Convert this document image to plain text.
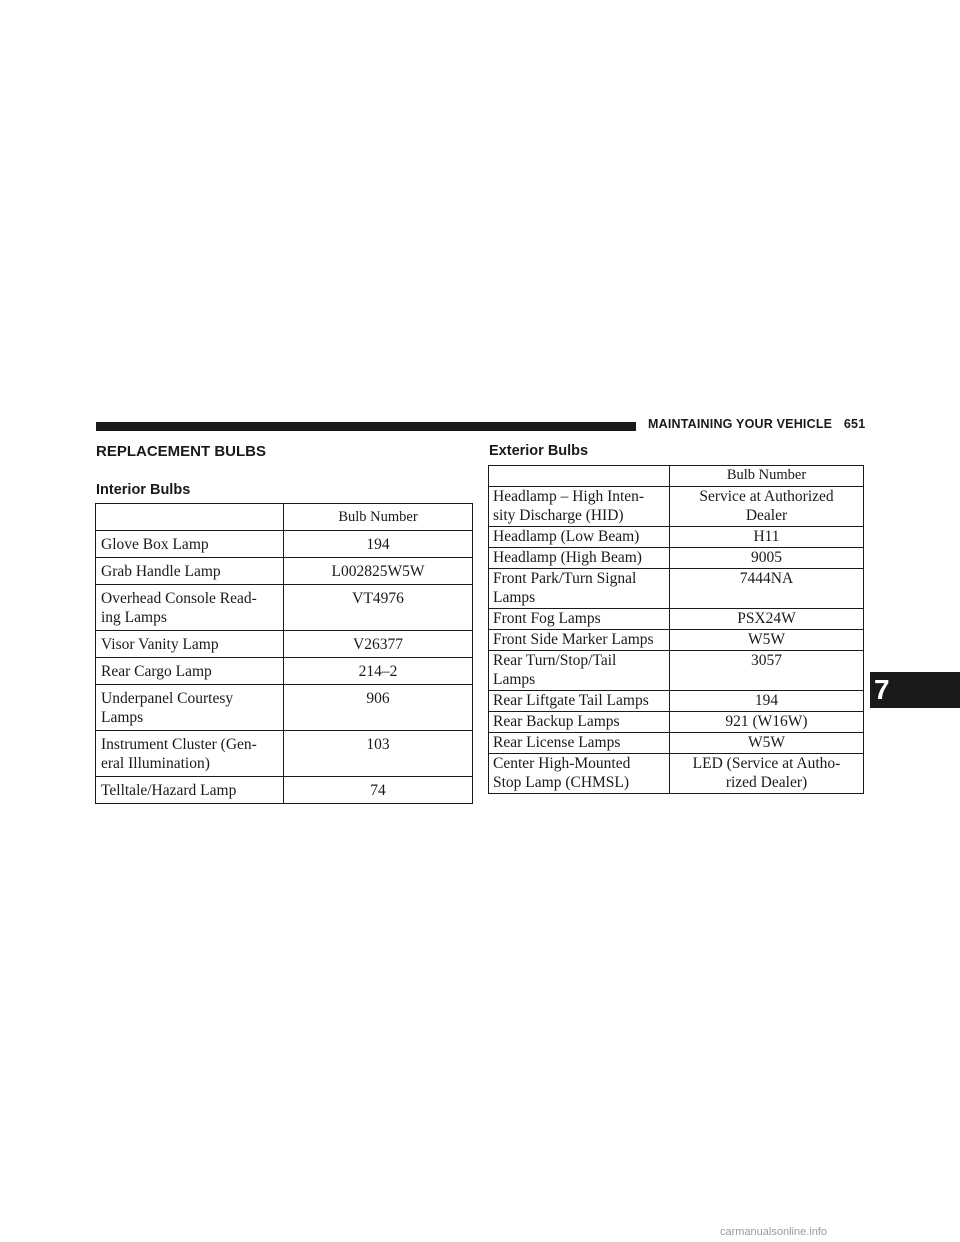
MAINTAINING YOUR VEHICLE 651
REPLACEMENT BULBS
Interior Bulbs
Exterior Bulbs
	Bulb Number
Glove Box Lamp	194
Grab Handle Lamp	L002825W5W
Overhead Console Read-
ing Lamps	VT4976
Visor Vanity Lamp	V26377
Rear Cargo Lamp	214–2
Underpanel Courtesy
Lamps	906
Instrument Cluster (Gen-
eral Illumination)	103
Telltale/Hazard Lamp	74
	Bulb Number
Headlamp – High Inten-
sity Discharge (HID)	Service at Authorized
Dealer
Headlamp (Low Beam)	H11
Headlamp (High Beam)	9005
Front Park/Turn Signal
Lamps	7444NA
Front Fog Lamps	PSX24W
Front Side Marker Lamps	W5W
Rear Turn/Stop/Tail
Lamps	3057
Rear Liftgate Tail Lamps	194
Rear Backup Lamps	921 (W16W)
Rear License Lamps	W5W
Center High-Mounted
Stop Lamp (CHMSL)	LED (Service at Autho-
rized Dealer)
7
carmanualsonline.info
